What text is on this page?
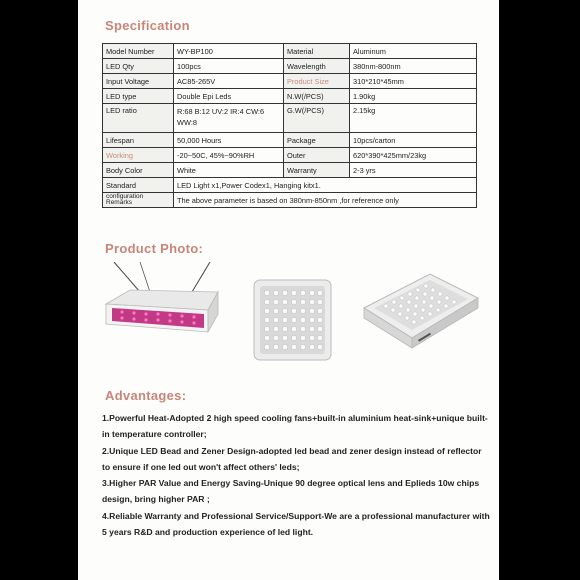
Specification
Model Number	WY-BP100	Material	Aluminum
LED Qty	100pcs	Wavelength	380nm-800nm
Input Voltage	AC85-265V	Product Size	310*210*45mm
LED type	Double Epi Leds	N.W(/PCS)	1.90kg
LED ratio	R:68 B:12 UV:2 IR:4 CW:6 WW:8	G.W(/PCS)	2.15kg
Lifespan	50,000 Hours	Package	10pcs/carton
Working	-20~50C, 45%~90%RH	Outer	620*390*425mm/23kg
Body Color	White	Warranty	2-3 yrs
Standard	LED Light x1,Power Codex1, Hanging kitx1.		
configuration Remarks	The above parameter is based on 380nm-850nm ,for reference only		
Product Photo:
Advantages:

1.Powerful Heat-Adopted 2 high speed cooling fans+built-in aluminium heat-sink+unique built-in temperature controller;

2.Unique LED Bead and Zener Design-adopted led bead and zener design instead of reflector to ensure if one led out won't affect others' leds;

3.Higher PAR Value and Energy Saving-Unique 90 degree optical lens and Eplieds 10w chips design, bring higher PAR ;

4.Reliable Warranty and Professional Service/Support-We are a professional manufacturer with 5 years R&D and production experience of led light.
